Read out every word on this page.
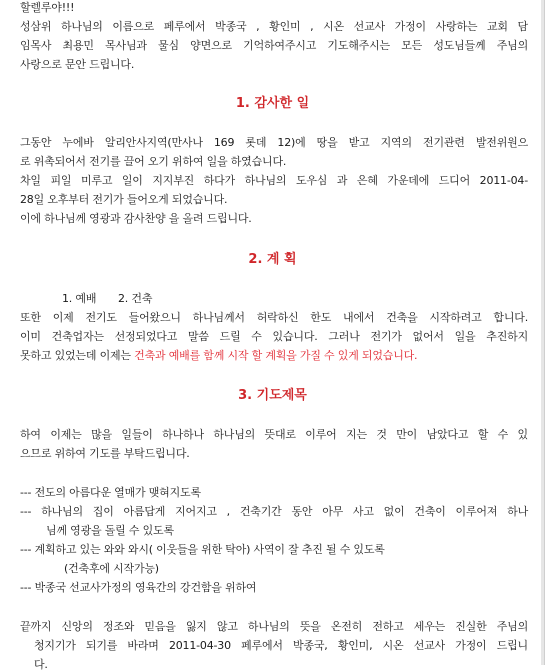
할렐루야!!!
성삼위 하나님의 이름으로 페루에서 박종국 , 황인미 , 시온 선교사 가정이 사랑하는 교회 담
임목사 최용민 목사님과 물심 양면으로 기억하여주시고 기도해주시는 모든 성도님들께 주님의
사랑으로 문안 드립니다.
1. 감사한 일
그동안 누에바 알리안사지역(만사나 169 롯데 12)에 땅을 받고 지역의 전기관련 발전위원으
로 위촉되어서 전기를 끌어 오기 위하여 일을 하였습니다.
차일 피일 미루고 일이 지지부진 하다가 하나님의 도우심 과 은혜 가운데에 드디어 2011-04-
28일 오후부터 전기가 들어오게 되었습니다.
이에 하나님께 영광과 감사찬양 을 올려 드립니다.
2. 계 획
1. 예배 2. 건축
또한 이제 전기도 들어왔으니 하나님께서 허락하신 한도 내에서 건축을 시작하려고 합니다.
이미 건축업자는 선정되었다고 말씀 드릴 수 있습니다. 그러나 전기가 없어서 일을 추진하지
못하고 있었는데 이제는 건축과 예배를 함께 시작 할 계획을 가질 수 있게 되었습니다.
3. 기도제목
하여 이제는 많을 일들이 하나하나 하나님의 뜻대로 이루어 지는 것 만이 남았다고 할 수 있
으므로 위하여 기도를 부탁드립니다.
--- 전도의 아름다운 열매가 맺혀지도록
--- 하나님의 집이 아름답게 지어지고 , 건축기간 동안 아무 사고 없이 건축이 이루어져 하나
님께 영광을 돌릴 수 있도록
--- 계획하고 있는 와와 와시( 이웃들을 위한 탁아) 사역이 잘 추진 될 수 있도록
(건축후에 시작가능)
--- 박종국 선교사가정의 영육간의 강건함을 위하여
끝까지 신앙의 정조와 믿음을 잃지 않고 하나님의 뜻을 온전히 전하고 세우는 진실한 주님의
청지기가 되기를 바라며 2011-04-30 페루에서 박종국, 황인미, 시온 선교사 가정이 드립니
다.
